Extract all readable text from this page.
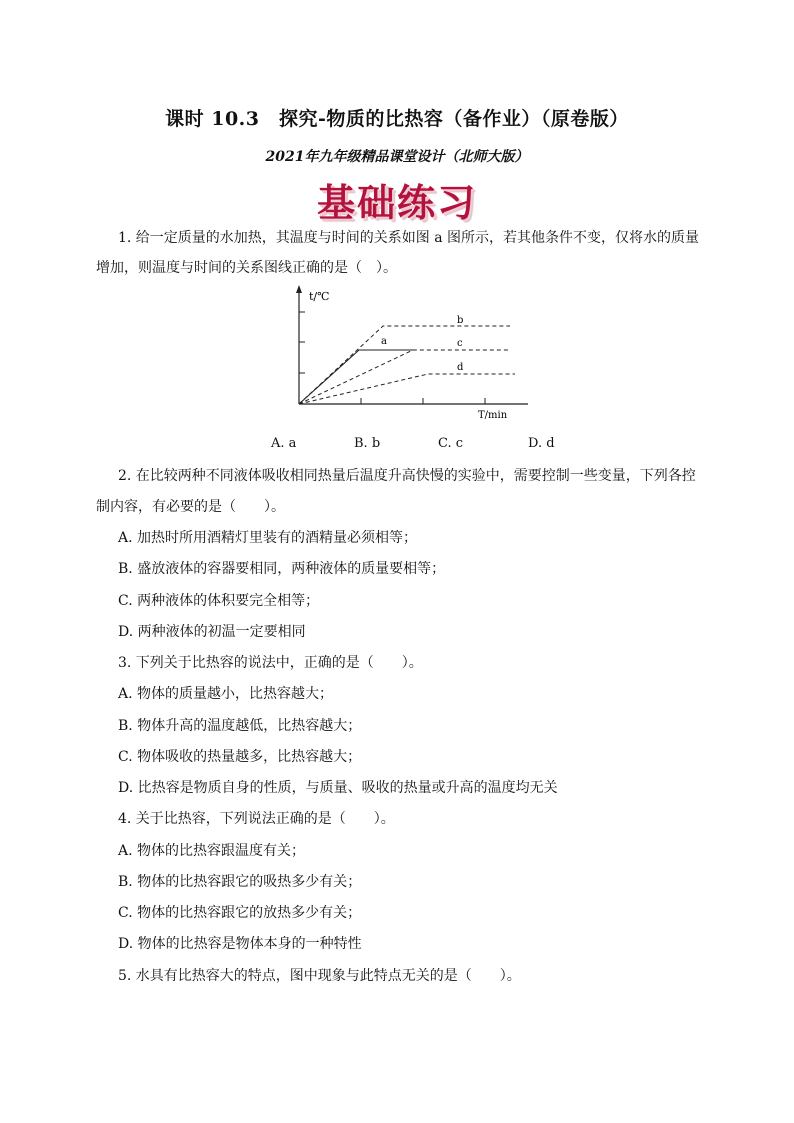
课时 10.3　探究-物质的比热容（备作业）（原卷版）
2021年九年级精品课堂设计（北师大版）
基础练习
1. 给一定质量的水加热，其温度与时间的关系如图 a 图所示，若其他条件不变，仅将水的质量
增加，则温度与时间的关系图线正确的是（　）。
t/℃
T/min
a
b
c
d
A. a	B. b	C. c	D. d
2. 在比较两种不同液体吸收相同热量后温度升高快慢的实验中，需要控制一些变量，下列各控
制内容，有必要的是（　　）。
A. 加热时所用酒精灯里装有的酒精量必须相等；
B. 盛放液体的容器要相同，两种液体的质量要相等；
C. 两种液体的体积要完全相等；
D. 两种液体的初温一定要相同
3. 下列关于比热容的说法中，正确的是（　　）。
A. 物体的质量越小，比热容越大；
B. 物体升高的温度越低，比热容越大；
C. 物体吸收的热量越多，比热容越大；
D. 比热容是物质自身的性质，与质量、吸收的热量或升高的温度均无关
4. 关于比热容，下列说法正确的是（　　）。
A. 物体的比热容跟温度有关；
B. 物体的比热容跟它的吸热多少有关；
C. 物体的比热容跟它的放热多少有关；
D. 物体的比热容是物体本身的一种特性
5. 水具有比热容大的特点，图中现象与此特点无关的是（　　）。
